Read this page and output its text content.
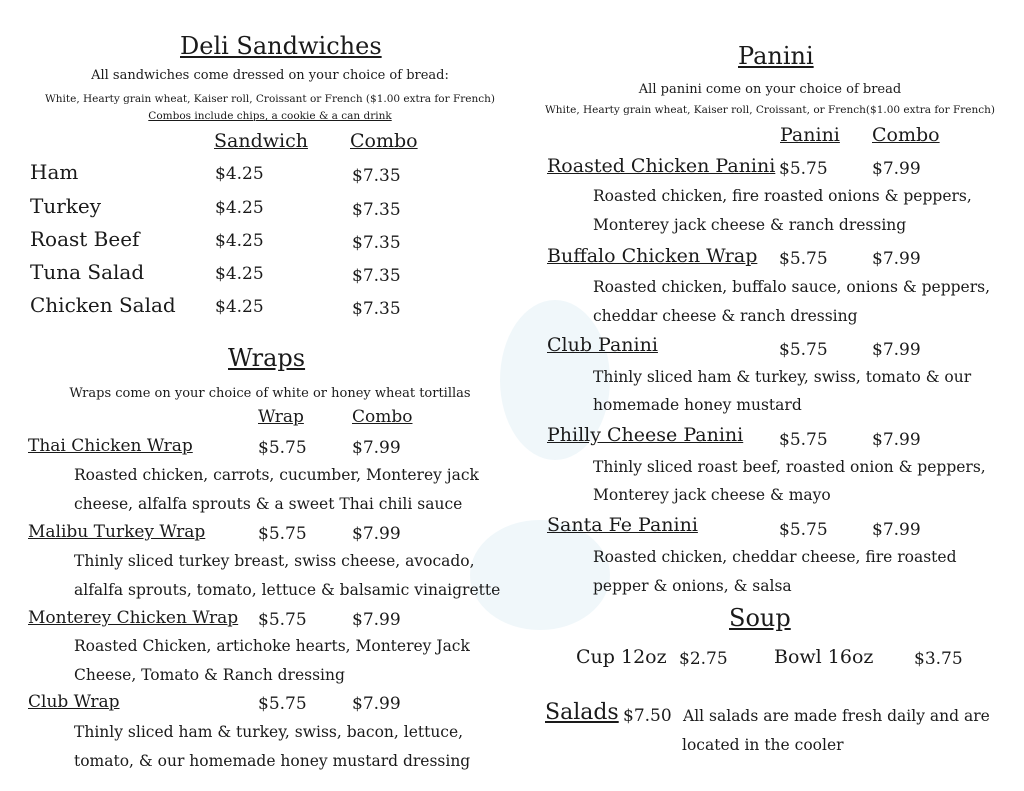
Deli Sandwiches
All sandwiches come dressed on your choice of bread:
White, Hearty grain wheat, Kaiser roll, Croissant or French ($1.00 extra for French)
Combos include chips, a cookie & a can drink
Sandwich Combo
Ham	$4.25	$7.35
Turkey	$4.25	$7.35
Roast Beef	$4.25	$7.35
Tuna Salad	$4.25	$7.35
Chicken Salad $4.25	$7.35
Wraps
Wraps come on your choice of white or honey wheat tortillas
Wrap	Combo
Thai Chicken Wrap	$5.75	$7.99
Roasted chicken, carrots, cucumber, Monterey jack
cheese, alfalfa sprouts & a sweet Thai chili sauce
Malibu Turkey Wrap	$5.75	$7.99
Thinly sliced turkey breast, swiss cheese, avocado,
alfalfa sprouts, tomato, lettuce & balsamic vinaigrette
Monterey Chicken Wrap $5.75	$7.99
Roasted Chicken, artichoke hearts, Monterey Jack
Cheese, Tomato & Ranch dressing
Club Wrap	$5.75	$7.99
Thinly sliced ham & turkey, swiss, bacon, lettuce,
tomato, & our homemade honey mustard dressing
Panini
All panini come on your choice of bread
White, Hearty grain wheat, Kaiser roll, Croissant, or French($1.00 extra for French)
Panini Combo
Roasted Chicken Panini $5.75	$7.99
Roasted chicken, fire roasted onions & peppers,
Monterey jack cheese & ranch dressing
Buffalo Chicken Wrap $5.75	$7.99
Roasted chicken, buffalo sauce, onions & peppers,
cheddar cheese & ranch dressing
Club Panini	$5.75	$7.99
Thinly sliced ham & turkey, swiss, tomato & our
homemade honey mustard
Philly Cheese Panini $5.75	$7.99
Thinly sliced roast beef, roasted onion & peppers,
Monterey jack cheese & mayo
Santa Fe Panini	$5.75	$7.99
Roasted chicken, cheddar cheese, fire roasted
pepper & onions, & salsa
Soup
Cup 12oz $2.75 Bowl 16oz $3.75
Salads $7.50 All salads are made fresh daily and are
located in the cooler
